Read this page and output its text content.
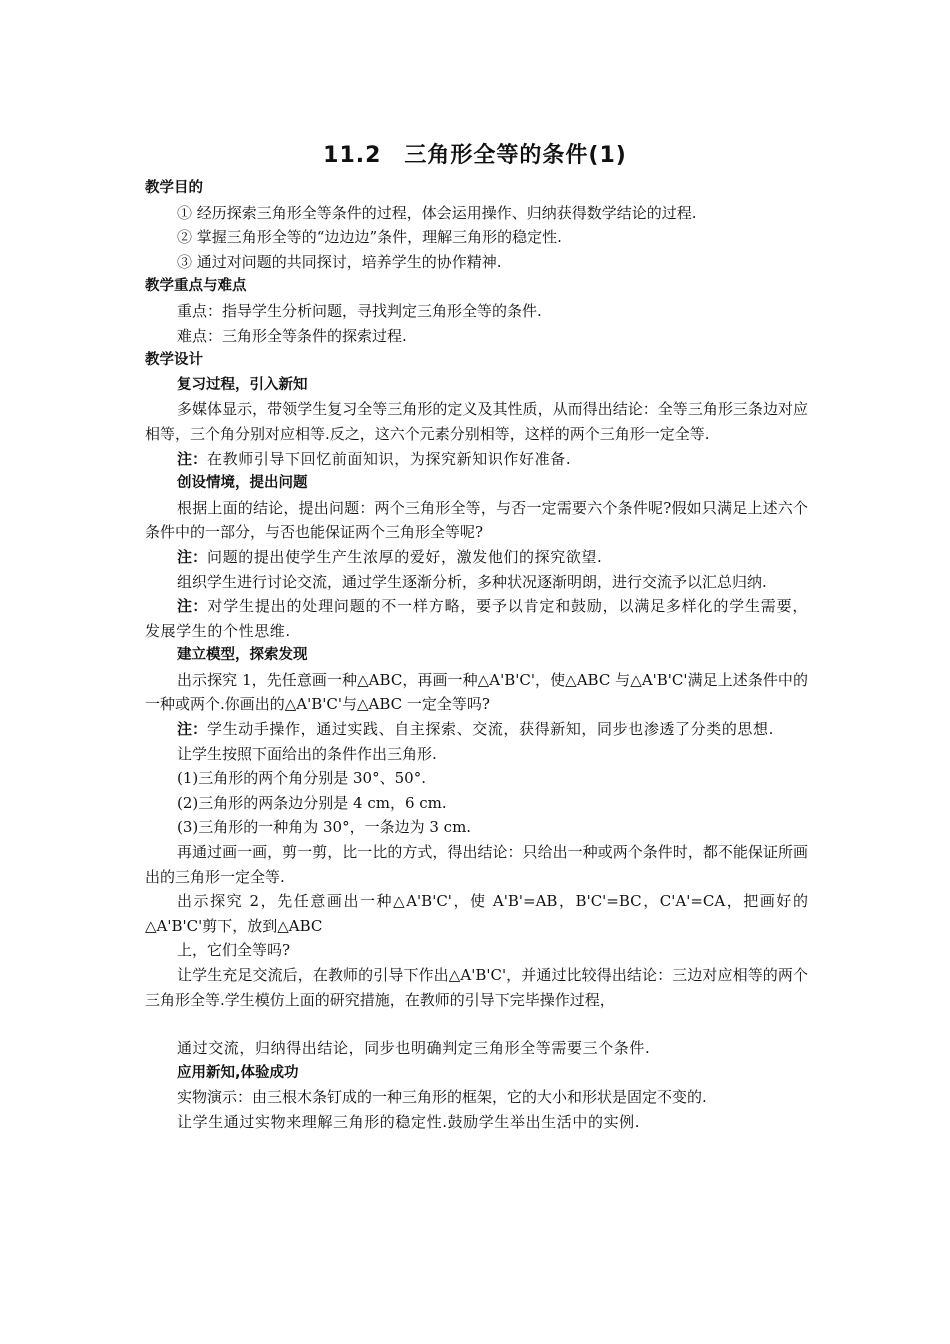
11.2　三角形全等的条件(1)

教学目的

① 经历探索三角形全等条件的过程，体会运用操作、归纳获得数学结论的过程.

② 掌握三角形全等的“边边边”条件，理解三角形的稳定性.

③ 通过对问题的共同探讨，培养学生的协作精神.

教学重点与难点

重点：指导学生分析问题，寻找判定三角形全等的条件.

难点：三角形全等条件的探索过程.

教学设计

复习过程，引入新知

多媒体显示，带领学生复习全等三角形的定义及其性质，从而得出结论：全等三角形三条边对应相等，三个角分别对应相等.反之，这六个元素分别相等，这样的两个三角形一定全等.

注：在教师引导下回忆前面知识，为探究新知识作好准备.

创设情境，提出问题

根据上面的结论，提出问题：两个三角形全等，与否一定需要六个条件呢?假如只满足上述六个条件中的一部分，与否也能保证两个三角形全等呢?

注：问题的提出使学生产生浓厚的爱好，激发他们的探究欲望.

组织学生进行讨论交流，通过学生逐渐分析，多种状况逐渐明朗，进行交流予以汇总归纳.

注：对学生提出的处理问题的不一样方略，要予以肯定和鼓励，以满足多样化的学生需要，发展学生的个性思维.

建立模型，探索发现

出示探究 1，先任意画一种△ABC，再画一种△A'B'C'，使△ABC 与△A'B'C'满足上述条件中的一种或两个.你画出的△A'B'C'与△ABC 一定全等吗?

注：学生动手操作，通过实践、自主探索、交流，获得新知，同步也渗透了分类的思想.

让学生按照下面给出的条件作出三角形.

(1)三角形的两个角分别是 30°、50°.

(2)三角形的两条边分别是 4 cm，6 cm.

(3)三角形的一种角为 30°，一条边为 3 cm.

再通过画一画，剪一剪，比一比的方式，得出结论：只给出一种或两个条件时，都不能保证所画出的三角形一定全等.

出示探究 2，先任意画出一种△A'B'C'，使 A'B'=AB，B'C'=BC，C'A'=CA，把画好的△A'B'C'剪下，放到△ABC

上，它们全等吗?

让学生充足交流后，在教师的引导下作出△A'B'C'，并通过比较得出结论：三边对应相等的两个三角形全等.学生模仿上面的研究措施，在教师的引导下完毕操作过程，

通过交流，归纳得出结论，同步也明确判定三角形全等需要三个条件.

应用新知,体验成功

实物演示：由三根木条钉成的一种三角形的框架，它的大小和形状是固定不变的.

让学生通过实物来理解三角形的稳定性.鼓励学生举出生活中的实例.
